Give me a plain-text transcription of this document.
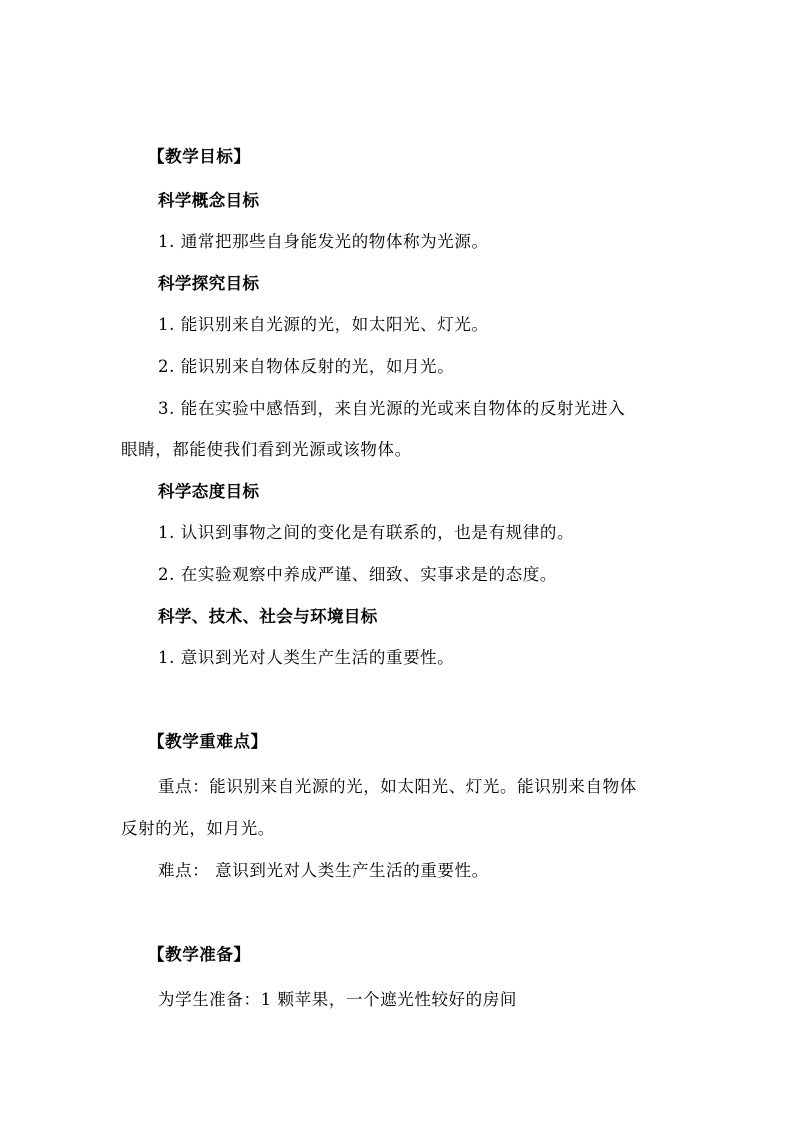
【教学目标】
科学概念目标
1. 通常把那些自身能发光的物体称为光源。
科学探究目标
1. 能识别来自光源的光，如太阳光、灯光。
2. 能识别来自物体反射的光，如月光。
3. 能在实验中感悟到，来自光源的光或来自物体的反射光进入
眼睛，都能使我们看到光源或该物体。
科学态度目标
1. 认识到事物之间的变化是有联系的，也是有规律的。
2. 在实验观察中养成严谨、细致、实事求是的态度。
科学、技术、社会与环境目标
1. 意识到光对人类生产生活的重要性。
【教学重难点】
重点：能识别来自光源的光，如太阳光、灯光。能识别来自物体
反射的光，如月光。
难点： 意识到光对人类生产生活的重要性。
【教学准备】
为学生准备：1 颗苹果，一个遮光性较好的房间
